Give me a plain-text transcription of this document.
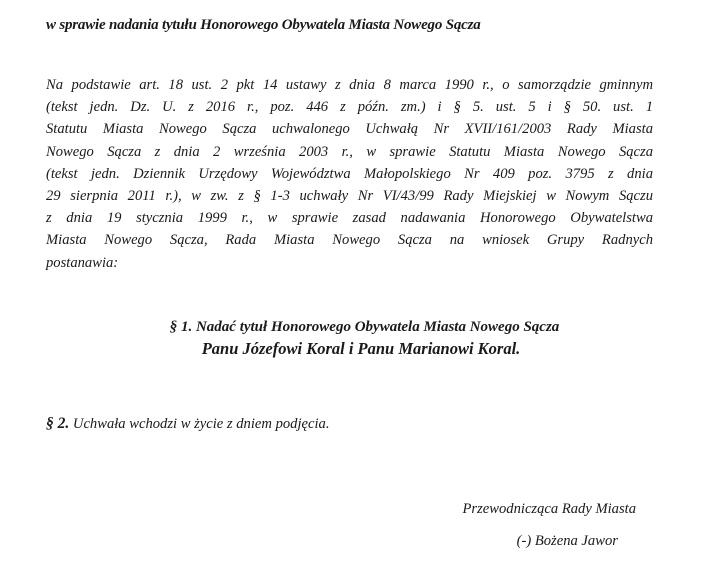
w sprawie nadania tytułu Honorowego Obywatela Miasta Nowego Sącza
Na podstawie art. 18 ust. 2 pkt 14 ustawy z dnia 8 marca 1990 r., o samorządzie gminnym
(tekst jedn. Dz. U. z 2016 r., poz. 446 z późn. zm.) i § 5. ust. 5 i § 50. ust. 1
Statutu Miasta Nowego Sącza uchwalonego Uchwałą Nr XVII/161/2003 Rady Miasta
Nowego Sącza z dnia 2 września 2003 r., w sprawie Statutu Miasta Nowego Sącza
(tekst jedn. Dziennik Urzędowy Województwa Małopolskiego Nr 409 poz. 3795 z dnia
29 sierpnia 2011 r.), w zw. z § 1-3 uchwały Nr VI/43/99 Rady Miejskiej w Nowym Sączu
z dnia 19 stycznia 1999 r., w sprawie zasad nadawania Honorowego Obywatelstwa
Miasta Nowego Sącza, Rada Miasta Nowego Sącza na wniosek Grupy Radnych
postanawia:
§ 1. Nadać tytuł Honorowego Obywatela Miasta Nowego Sącza
Panu Józefowi Koral i Panu Marianowi Koral.
§ 2. Uchwała wchodzi w życie z dniem podjęcia.
Przewodnicząca Rady Miasta
(-) Bożena Jawor
